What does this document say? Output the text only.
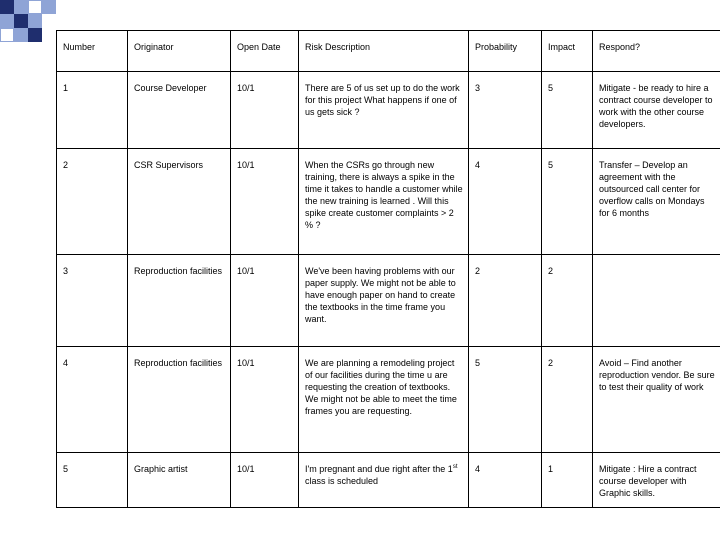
Number	Originator	Open Date	Risk Description	Probability	Impact	Respond?
1	Course Developer	10/1	There are 5 of us set up to do the work for this project What happens if one of us gets sick ?	3	5	Mitigate - be ready to hire a contract course developer to work with the other course developers.
2	CSR Supervisors	10/1	When the CSRs go through new training, there is always a spike in the time it takes to handle a customer while the new training is learned . Will this spike create customer complaints > 2 % ?	4	5	Transfer – Develop an agreement with the outsourced call center for overflow calls on Mondays for 6 months
3	Reproduction facilities	10/1	We've been having problems with our paper supply. We might not be able to have enough paper on hand to create the textbooks in the time frame you want.	2	2	
4	Reproduction facilities	10/1	We are planning a remodeling project of our facilities during the time u are requesting the creation of textbooks. We might not be able to meet the time frames you are requesting.	5	2	Avoid – Find another reproduction vendor. Be sure to test their quality of work
5	Graphic artist	10/1	I'm pregnant and due right after the 1st class is scheduled	4	1	Mitigate : Hire a contract course developer with Graphic skills.
